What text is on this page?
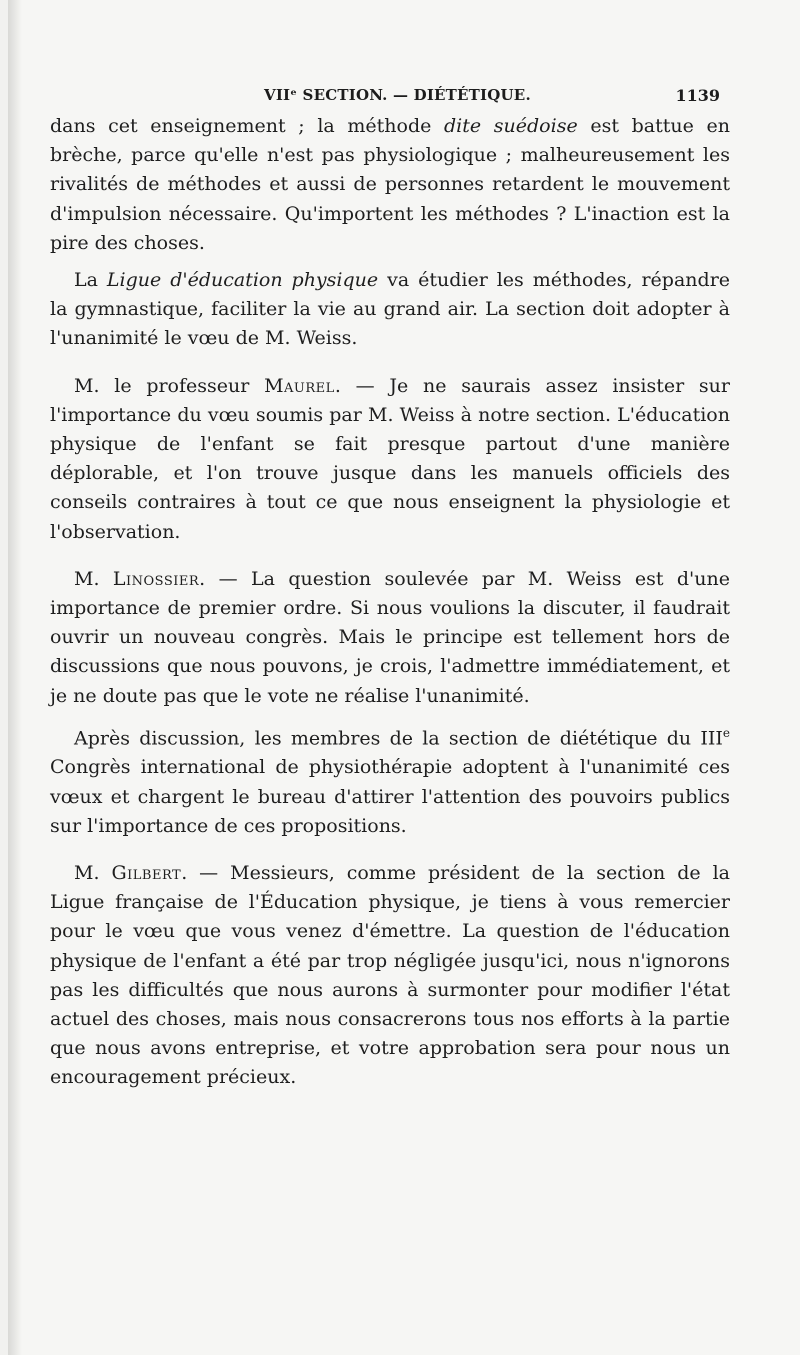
VIIᵉ SECTION. — DIÉTÉTIQUE.	1139

dans cet enseignement ; la méthode dite suédoise est battue en brèche, parce qu'elle n'est pas physiologique ; malheureusement les rivalités de méthodes et aussi de personnes retardent le mouvement d'impulsion nécessaire. Qu'importent les méthodes ? L'inaction est la pire des choses.

La Ligue d'éducation physique va étudier les méthodes, répandre la gymnastique, faciliter la vie au grand air. La section doit adopter à l'unanimité le vœu de M. Weiss.

M. le professeur Maurel. — Je ne saurais assez insister sur l'importance du vœu soumis par M. Weiss à notre section. L'éducation physique de l'enfant se fait presque partout d'une manière déplorable, et l'on trouve jusque dans les manuels officiels des conseils contraires à tout ce que nous enseignent la physiologie et l'observation.

M. Linossier. — La question soulevée par M. Weiss est d'une importance de premier ordre. Si nous voulions la discuter, il faudrait ouvrir un nouveau congrès. Mais le principe est tellement hors de discussions que nous pouvons, je crois, l'admettre immédiatement, et je ne doute pas que le vote ne réalise l'unanimité.

Après discussion, les membres de la section de diététique du IIIe Congrès international de physiothérapie adoptent à l'unanimité ces vœux et chargent le bureau d'attirer l'attention des pouvoirs publics sur l'importance de ces propositions.

M. Gilbert. — Messieurs, comme président de la section de la Ligue française de l'Éducation physique, je tiens à vous remercier pour le vœu que vous venez d'émettre. La question de l'éducation physique de l'enfant a été par trop négligée jusqu'ici, nous n'ignorons pas les difficultés que nous aurons à surmonter pour modifier l'état actuel des choses, mais nous consacrerons tous nos efforts à la partie que nous avons entreprise, et votre approbation sera pour nous un encouragement précieux.
